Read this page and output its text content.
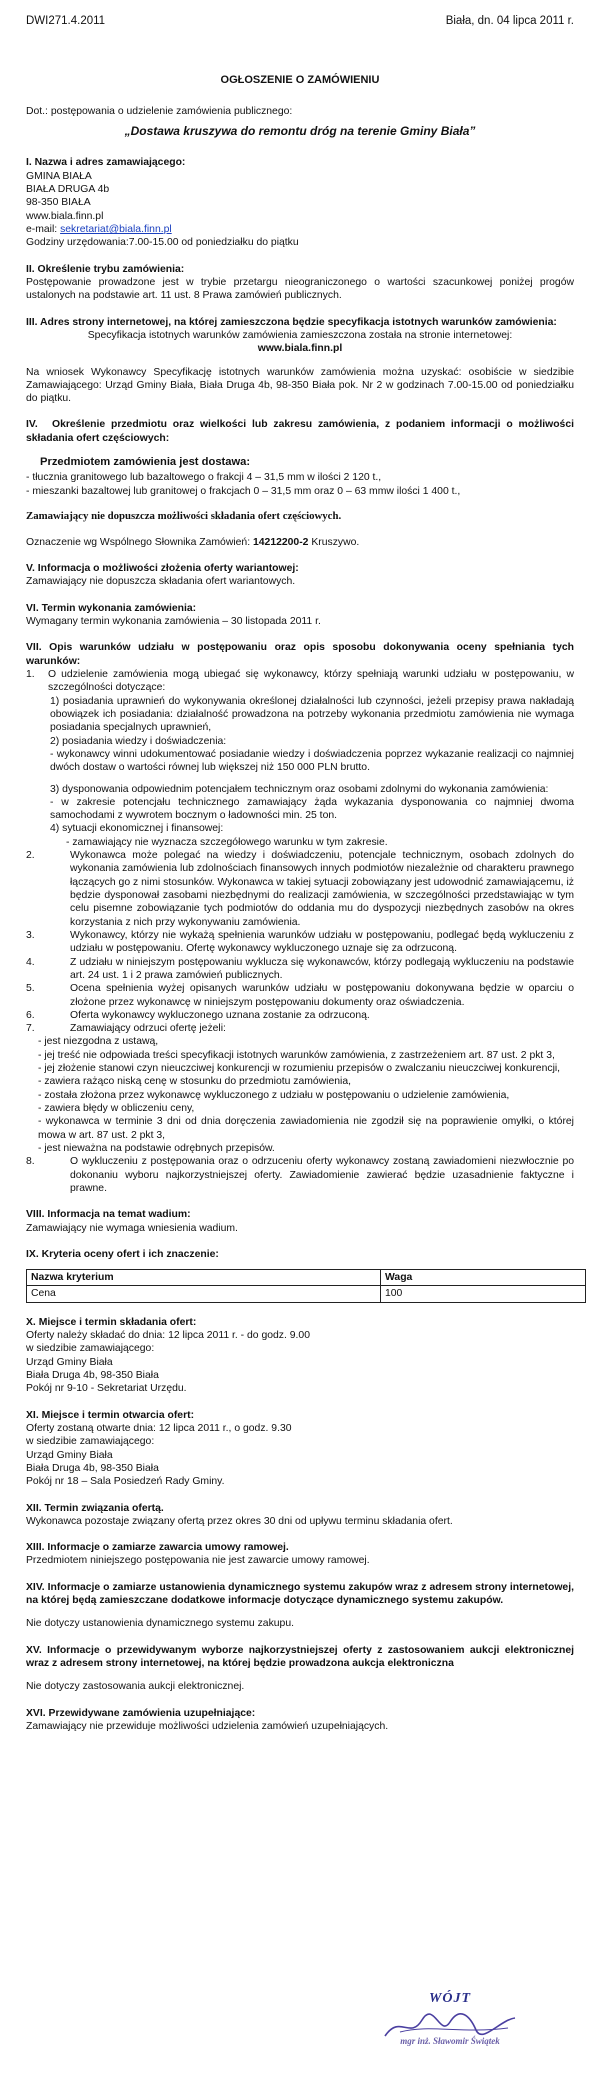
DWI271.4.2011	Biała, dn. 04 lipca 2011 r.
OGŁOSZENIE O ZAMÓWIENIU
Dot.: postępowania o udzielenie zamówienia publicznego:
„Dostawa kruszywa do remontu dróg na terenie Gminy Biała”
I. Nazwa i adres zamawiającego:
GMINA BIAŁA
BIAŁA DRUGA 4b
98-350 BIAŁA
www.biala.finn.pl
e-mail: sekretariat@biala.finn.pl
Godziny urzędowania:7.00-15.00 od poniedziałku do piątku
II. Określenie trybu zamówienia:
Postępowanie prowadzone jest w trybie przetargu nieograniczonego o wartości szacunkowej poniżej progów ustalonych na podstawie art. 11 ust. 8 Prawa zamówień publicznych.
III. Adres strony internetowej, na której zamieszczona będzie specyfikacja istotnych warunków zamówienia:
Specyfikacja istotnych warunków zamówienia zamieszczona została na stronie internetowej:
www.biala.finn.pl
Na wniosek Wykonawcy Specyfikację istotnych warunków zamówienia można uzyskać: osobiście w siedzibie Zamawiającego: Urząd Gminy Biała, Biała Druga 4b, 98-350 Biała pok. Nr 2 w godzinach 7.00-15.00 od poniedziałku do piątku.
IV. Określenie przedmiotu oraz wielkości lub zakresu zamówienia, z podaniem informacji o możliwości składania ofert częściowych:
Przedmiotem zamówienia jest dostawa:
- tłucznia granitowego lub bazaltowego o frakcji 4 – 31,5 mm w ilości 2 120 t.,
- mieszanki bazaltowej lub granitowej o frakcjach 0 – 31,5 mm oraz 0 – 63 mmw ilości 1 400 t.,
Zamawiający nie dopuszcza możliwości składania ofert częściowych.
Oznaczenie wg Wspólnego Słownika Zamówień: 14212200-2 Kruszywo.
V. Informacja o możliwości złożenia oferty wariantowej:
Zamawiający nie dopuszcza składania ofert wariantowych.
VI. Termin wykonania zamówienia:
Wymagany termin wykonania zamówienia – 30 listopada 2011 r.
VII. Opis warunków udziału w postępowaniu oraz opis sposobu dokonywania oceny spełniania tych warunków:
1.	O udzielenie zamówienia mogą ubiegać się wykonawcy, którzy spełniają warunki udziału w postępowaniu, w szczególności dotyczące:
1) posiadania uprawnień do wykonywania określonej działalności lub czynności, jeżeli przepisy prawa nakładają obowiązek ich posiadania: działalność prowadzona na potrzeby wykonania przedmiotu zamówienia nie wymaga posiadania specjalnych uprawnień,
2) posiadania wiedzy i doświadczenia:
- wykonawcy winni udokumentować posiadanie wiedzy i doświadczenia poprzez wykazanie realizacji co najmniej dwóch dostaw o wartości równej lub większej niż 150 000 PLN brutto.
3) dysponowania odpowiednim potencjałem technicznym oraz osobami zdolnymi do wykonania zamówienia:
- w zakresie potencjału technicznego zamawiający żąda wykazania dysponowania co najmniej dwoma samochodami z wywrotem bocznym o ładowności min. 25 ton.
4) sytuacji ekonomicznej i finansowej:
- zamawiający nie wyznacza szczegółowego warunku w tym zakresie.
2.	Wykonawca może polegać na wiedzy i doświadczeniu, potencjale technicznym, osobach zdolnych do wykonania zamówienia lub zdolnościach finansowych innych podmiotów niezależnie od charakteru prawnego łączących go z nimi stosunków. Wykonawca w takiej sytuacji zobowiązany jest udowodnić zamawiającemu, iż będzie dysponował zasobami niezbędnymi do realizacji zamówienia, w szczególności przedstawiając w tym celu pisemne zobowiązanie tych podmiotów do oddania mu do dyspozycji niezbędnych zasobów na okres korzystania z nich przy wykonywaniu zamówienia.
3.	Wykonawcy, którzy nie wykażą spełnienia warunków udziału w postępowaniu, podlegać będą wykluczeniu z udziału w postępowaniu. Ofertę wykonawcy wykluczonego uznaje się za odrzuconą.
4.	Z udziału w niniejszym postępowaniu wyklucza się wykonawców, którzy podlegają wykluczeniu na podstawie art. 24 ust. 1 i 2 prawa zamówień publicznych.
5.	Ocena spełnienia wyżej opisanych warunków udziału w postępowaniu dokonywana będzie w oparciu o złożone przez wykonawcę w niniejszym postępowaniu dokumenty oraz oświadczenia.
6.	Oferta wykonawcy wykluczonego uznana zostanie za odrzuconą.
7.	Zamawiający odrzuci ofertę jeżeli:
- jest niezgodna z ustawą,
- jej treść nie odpowiada treści specyfikacji istotnych warunków zamówienia, z zastrzeżeniem art. 87 ust. 2 pkt 3,
- jej złożenie stanowi czyn nieuczciwej konkurencji w rozumieniu przepisów o zwalczaniu nieuczciwej konkurencji,
- zawiera rażąco niską cenę w stosunku do przedmiotu zamówienia,
- została złożona przez wykonawcę wykluczonego z udziału w postępowaniu o udzielenie zamówienia,
- zawiera błędy w obliczeniu ceny,
- wykonawca w terminie 3 dni od dnia doręczenia zawiadomienia nie zgodził się na poprawienie omyłki, o której mowa w art. 87 ust. 2 pkt 3,
- jest nieważna na podstawie odrębnych przepisów.
8.	O wykluczeniu z postępowania oraz o odrzuceniu oferty wykonawcy zostaną zawiadomieni niezwłocznie po dokonaniu wyboru najkorzystniejszej oferty. Zawiadomienie zawierać będzie uzasadnienie faktyczne i prawne.
VIII. Informacja na temat wadium:
Zamawiający nie wymaga wniesienia wadium.
IX. Kryteria oceny ofert i ich znaczenie:
Nazwa kryterium	Waga
Cena	100
X. Miejsce i termin składania ofert:
Oferty należy składać do dnia: 12 lipca 2011 r. - do godz. 9.00
w siedzibie zamawiającego:
Urząd Gminy Biała
Biała Druga 4b, 98-350 Biała
Pokój nr 9-10 - Sekretariat Urzędu.
XI. Miejsce i termin otwarcia ofert:
Oferty zostaną otwarte dnia: 12 lipca 2011 r., o godz. 9.30
w siedzibie zamawiającego:
Urząd Gminy Biała
Biała Druga 4b, 98-350 Biała
Pokój nr 18 – Sala Posiedzeń Rady Gminy.
XII. Termin związania ofertą.
Wykonawca pozostaje związany ofertą przez okres 30 dni od upływu terminu składania ofert.
XIII. Informacje o zamiarze zawarcia umowy ramowej.
Przedmiotem niniejszego postępowania nie jest zawarcie umowy ramowej.
XIV. Informacje o zamiarze ustanowienia dynamicznego systemu zakupów wraz z adresem strony internetowej, na której będą zamieszczane dodatkowe informacje dotyczące dynamicznego systemu zakupów.
Nie dotyczy ustanowienia dynamicznego systemu zakupu.
XV. Informacje o przewidywanym wyborze najkorzystniejszej oferty z zastosowaniem aukcji elektronicznej wraz z adresem strony internetowej, na której będzie prowadzona aukcja elektroniczna
Nie dotyczy zastosowania aukcji elektronicznej.
XVI. Przewidywane zamówienia uzupełniające:
Zamawiający nie przewiduje możliwości udzielenia zamówień uzupełniających.
WÓJT
mgr inż. Sławomir Świątek
